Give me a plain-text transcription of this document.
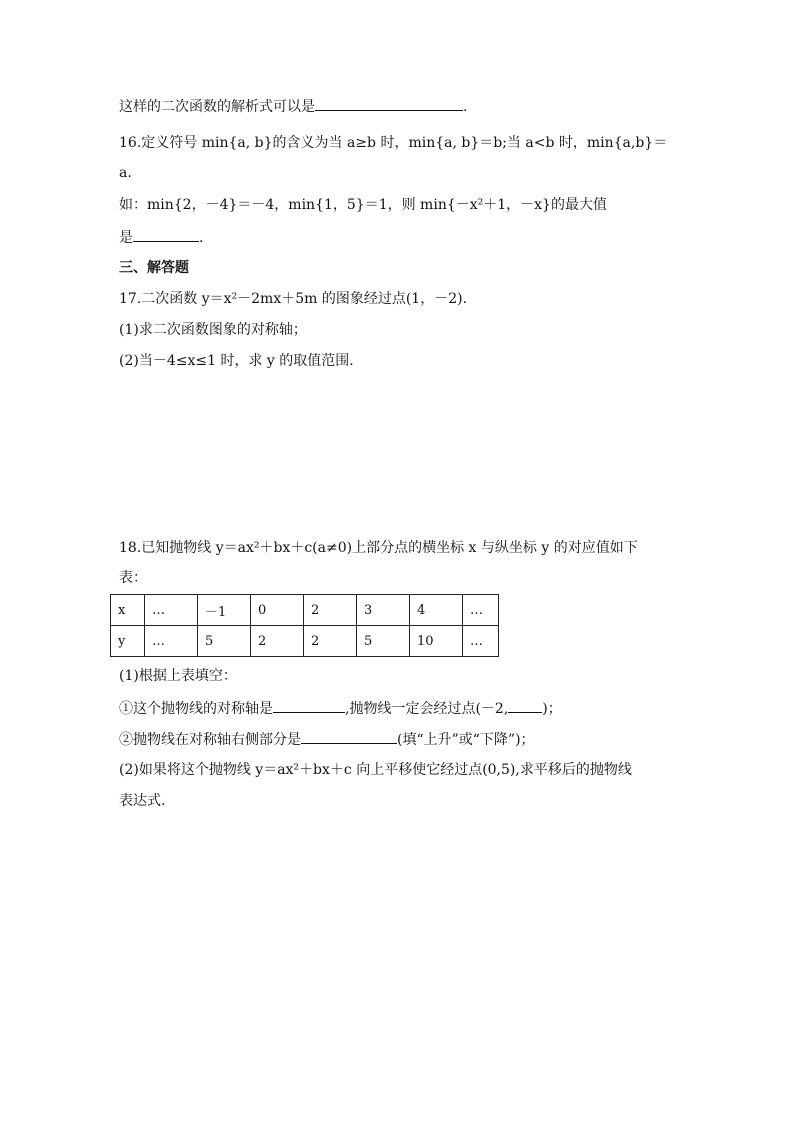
这样的二次函数的解析式可以是	.
16.定义符号 min{a, b}的含义为当 a≥b 时，min{a, b}＝b;当 a<b 时，min{a,b}＝
a.
如：min{2，－4}＝－4，min{1，5}＝1，则 min{－x²＋1，－x}的最大值
是	.
三、解答题
17.二次函数 y＝x²－2mx＋5m 的图象经过点(1，－2).
(1)求二次函数图象的对称轴；
(2)当－4≤x≤1 时，求 y 的取值范围.
18.已知抛物线 y＝ax²＋bx＋c(a≠0)上部分点的横坐标 x 与纵坐标 y 的对应值如下
表：
x	…	－1	0	2	3	4	…
y	…	5	2	2	5	10	…
(1)根据上表填空：
①这个抛物线的对称轴是	,抛物线一定会经过点(－2, )；
②抛物线在对称轴右侧部分是	(填“上升”或“下降”)；
(2)如果将这个抛物线 y＝ax²＋bx＋c 向上平移使它经过点(0,5),求平移后的抛物线
表达式.
